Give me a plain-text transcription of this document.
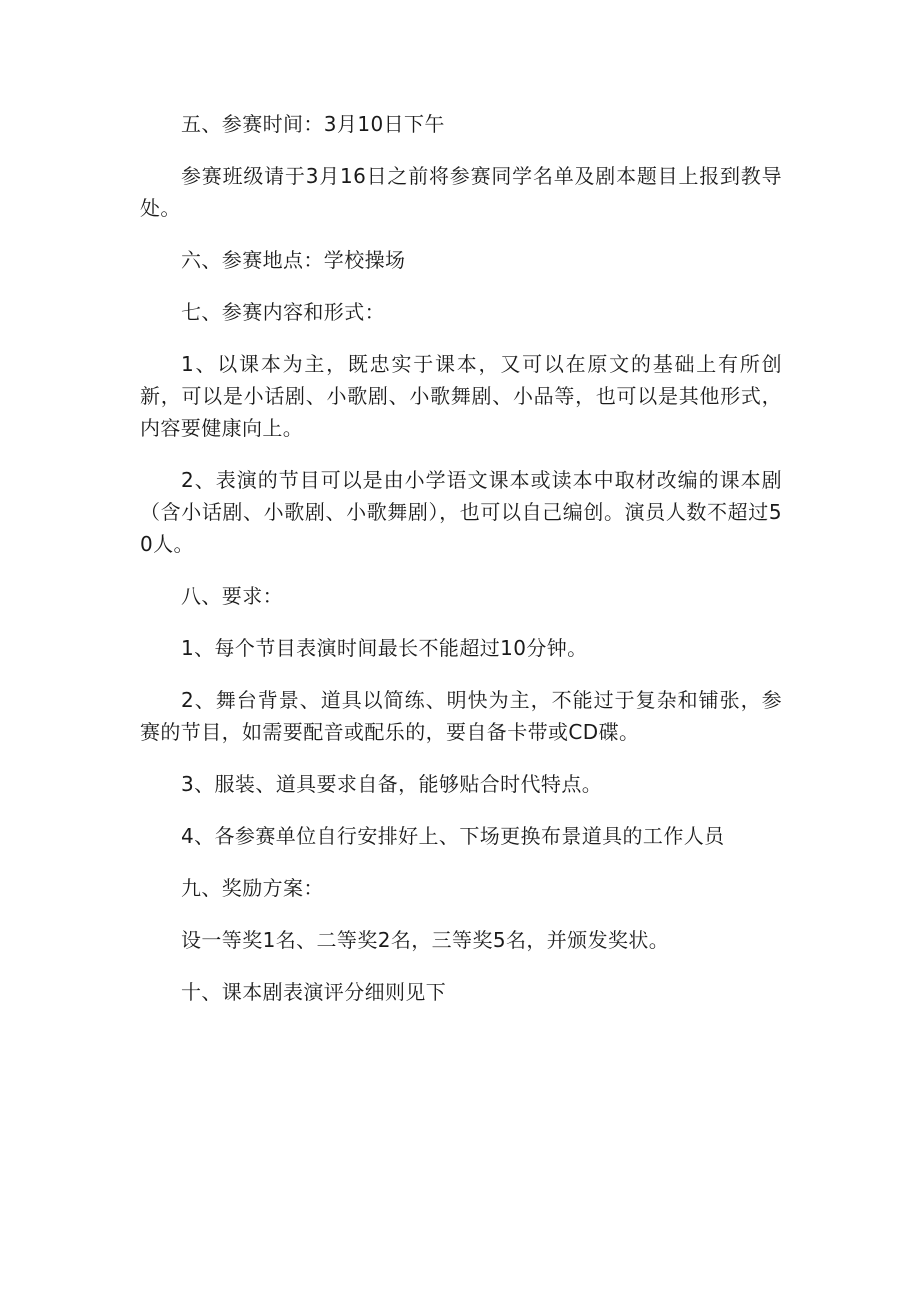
五、参赛时间：3月10日下午

参赛班级请于3月16日之前将参赛同学名单及剧本题目上报到教导处。

六、参赛地点：学校操场

七、参赛内容和形式：

1、以课本为主，既忠实于课本，又可以在原文的基础上有所创新，可以是小话剧、小歌剧、小歌舞剧、小品等，也可以是其他形式，内容要健康向上。

2、表演的节目可以是由小学语文课本或读本中取材改编的课本剧（含小话剧、小歌剧、小歌舞剧），也可以自己编创。演员人数不超过50人。

八、要求：

1、每个节目表演时间最长不能超过10分钟。

2、舞台背景、道具以简练、明快为主，不能过于复杂和铺张，参赛的节目，如需要配音或配乐的，要自备卡带或CD碟。

3、服装、道具要求自备，能够贴合时代特点。

4、各参赛单位自行安排好上、下场更换布景道具的工作人员

九、奖励方案：

设一等奖1名、二等奖2名，三等奖5名，并颁发奖状。

十、课本剧表演评分细则见下
